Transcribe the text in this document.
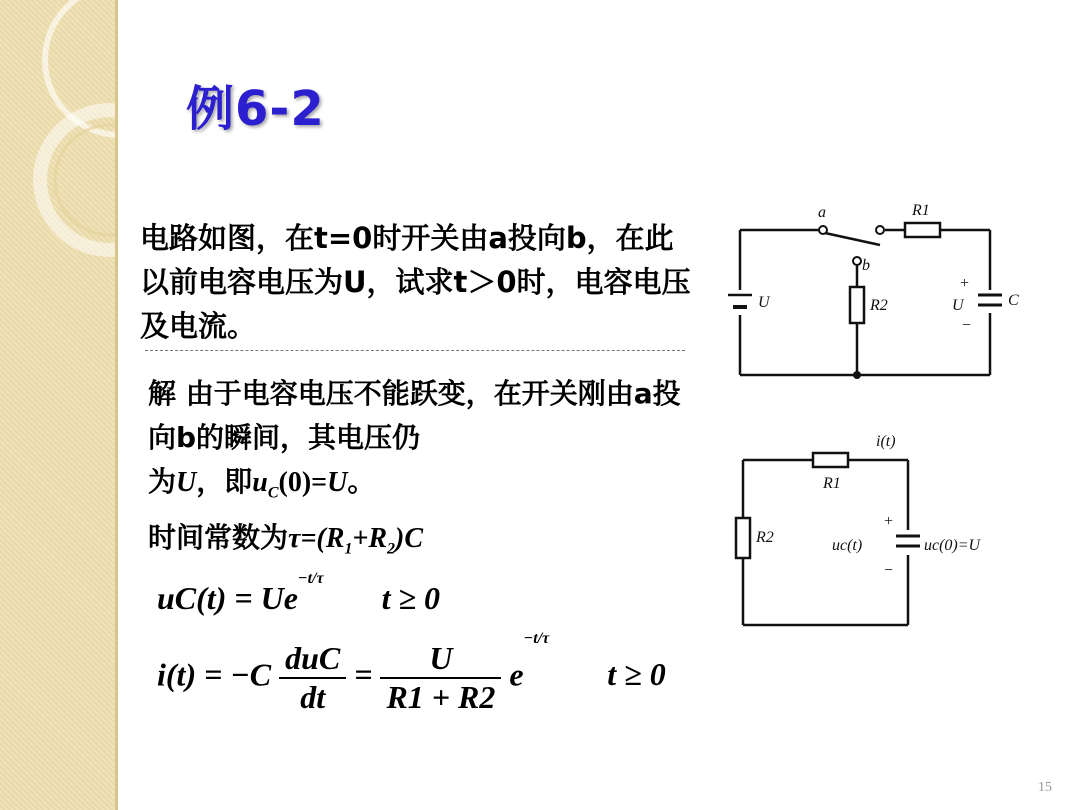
例6-2
电路如图，在t=0时开关由a投向b，在此以前电容电压为U，试求t＞0时，电容电压及电流。
解 由于电容电压不能跃变，在开关刚由a投向b的瞬间，其电压仍
为U，即$u_C(0)=U$。
时间常数为$\tau=(R_1+R_2)C$
$uC(t) = Ue^{-t/\tau}$ t ≥ 0
$i(t) = -C \frac{\text{duC}}{dt} = \frac{U}{R1 + R2} e^{-t/\tau}$ t ≥ 0
a
b
R1
R2
U	U	C
+
−
i(t)
R1
R2	uc(t)	uc(0)=U
+
−
15
